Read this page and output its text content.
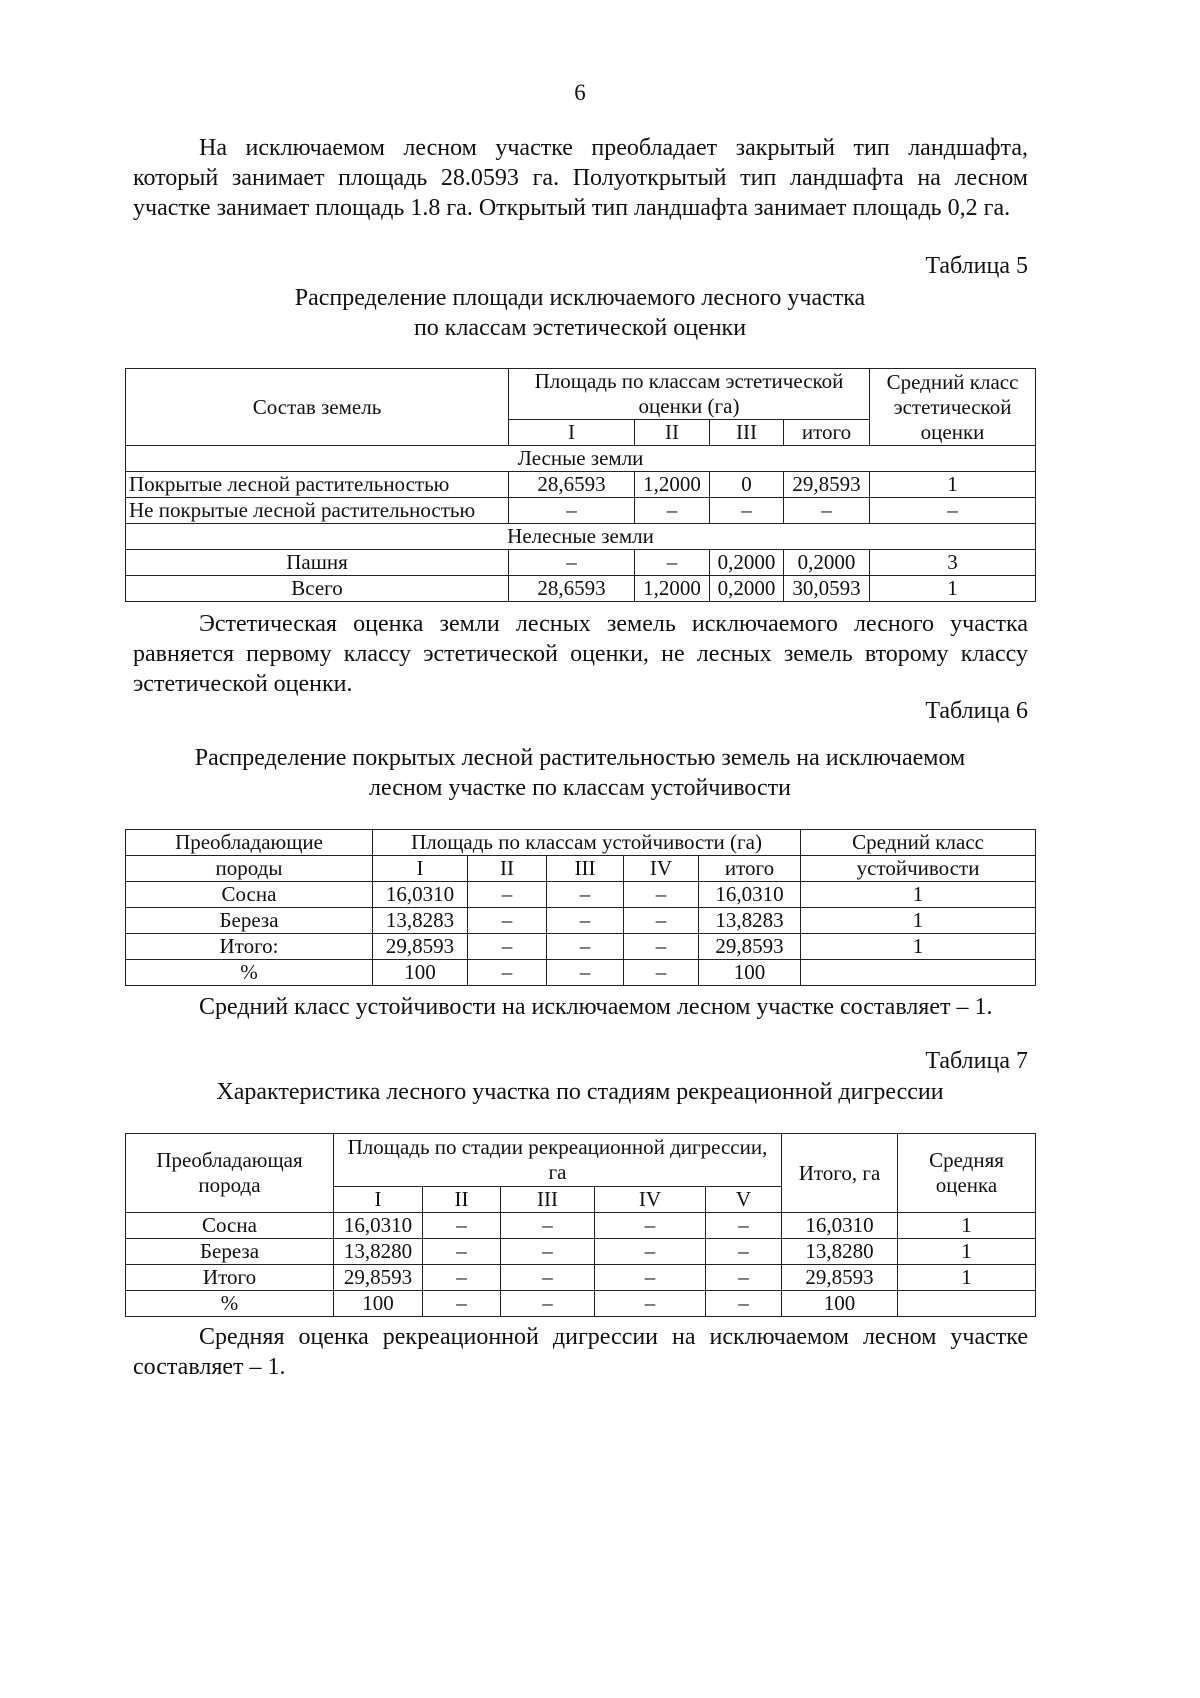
6
На исключаемом лесном участке преобладает закрытый тип ландшафта, который занимает площадь 28.0593 га. Полуоткрытый тип ландшафта на лесном участке занимает площадь 1.8 га. Открытый тип ландшафта занимает площадь 0,2 га.
Таблица 5
Распределение площади исключаемого лесного участка
по классам эстетической оценки
Состав земель	Площадь по классам эстетической оценки (га)				Средний класс эстетической оценки
	I	II	III	итого	
Лесные земли					
Покрытые лесной растительностью	28,6593	1,2000	0	29,8593	1
Не покрытые лесной растительностью	–	–	–	–	–
Нелесные земли					
Пашня	–	–	0,2000	0,2000	3
Всего	28,6593	1,2000	0,2000	30,0593	1
Эстетическая оценка земли лесных земель исключаемого лесного участка равняется первому классу эстетической оценки, не лесных земель второму классу эстетической оценки.
Таблица 6
Распределение покрытых лесной растительностью земель на исключаемом
лесном участке по классам устойчивости
Преобладающие	Площадь по классам устойчивости (га)					Средний класс
породы	I	II	III	IV	итого	устойчивости
Сосна	16,0310	–	–	–	16,0310	1
Береза	13,8283	–	–	–	13,8283	1
Итого:	29,8593	–	–	–	29,8593	1
%	100	–	–	–	100	
Средний класс устойчивости на исключаемом лесном участке составляет – 1.
Таблица 7
Характеристика лесного участка по стадиям рекреационной дигрессии
Преобладающая порода	Площадь по стадии рекреационной дигрессии, га					Итого, га	Средняя оценка
	I	II	III	IV	V		
Сосна	16,0310	–	–	–	–	16,0310	1
Береза	13,8280	–	–	–	–	13,8280	1
Итого	29,8593	–	–	–	–	29,8593	1
%	100	–	–	–	–	100	
Средняя оценка рекреационной дигрессии на исключаемом лесном участке составляет – 1.
